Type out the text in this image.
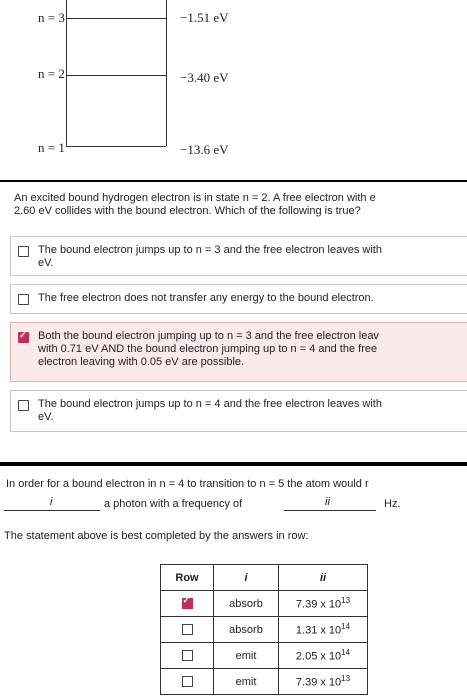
n = 3
n = 2
n = 1
−1.51 eV
−3.40 eV
−13.6 eV
An excited bound hydrogen electron is in state n = 2. A free electron with e
2.60 eV collides with the bound electron. Which of the following is true?
The bound electron jumps up to n = 3 and the free electron leaves with
eV.
The free electron does not transfer any energy to the bound electron.
✓
Both the bound electron jumping up to n = 3 and the free electron leav
with 0.71 eV AND the bound electron jumping up to n = 4 and the free
electron leaving with 0.05 eV are possible.
The bound electron jumps up to n = 4 and the free electron leaves with
eV.
In order for a bound electron in n = 4 to transition to n = 5 the atom would r
i	a photon with a frequency of	ii	Hz.
The statement above is best completed by the answers in row:
Row	i	ii
✓	absorb	7.39 x $10^{13}$
	absorb	1.31 x $10^{14}$
	emit	2.05 x $10^{14}$
	emit	7.39 x $10^{13}$
